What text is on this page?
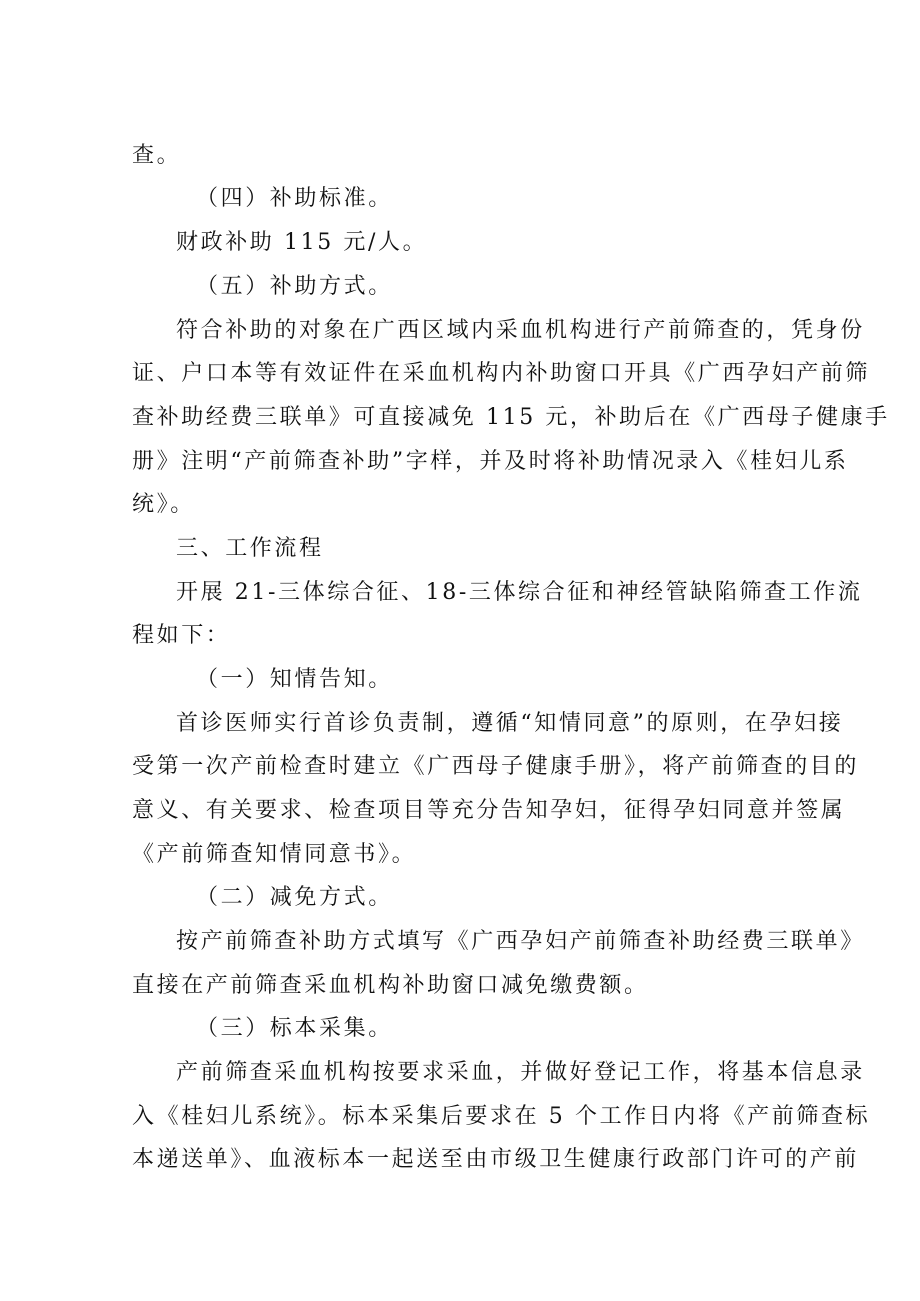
查。
（四）补助标准。
财政补助 115 元/人。
（五）补助方式。
符合补助的对象在广西区域内采血机构进行产前筛查的，凭身份
证、户口本等有效证件在采血机构内补助窗口开具《广西孕妇产前筛
查补助经费三联单》可直接减免 115 元，补助后在《广西母子健康手
册》注明“产前筛查补助”字样，并及时将补助情况录入《桂妇儿系
统》。
三、工作流程
开展 21-三体综合征、18-三体综合征和神经管缺陷筛查工作流
程如下：
（一）知情告知。
首诊医师实行首诊负责制，遵循“知情同意”的原则，在孕妇接
受第一次产前检查时建立《广西母子健康手册》，将产前筛查的目的
意义、有关要求、检查项目等充分告知孕妇，征得孕妇同意并签属
《产前筛查知情同意书》。
（二）减免方式。
按产前筛查补助方式填写《广西孕妇产前筛查补助经费三联单》
直接在产前筛查采血机构补助窗口减免缴费额。
（三）标本采集。
产前筛查采血机构按要求采血，并做好登记工作，将基本信息录
入《桂妇儿系统》。标本采集后要求在 5 个工作日内将《产前筛查标
本递送单》、血液标本一起送至由市级卫生健康行政部门许可的产前
